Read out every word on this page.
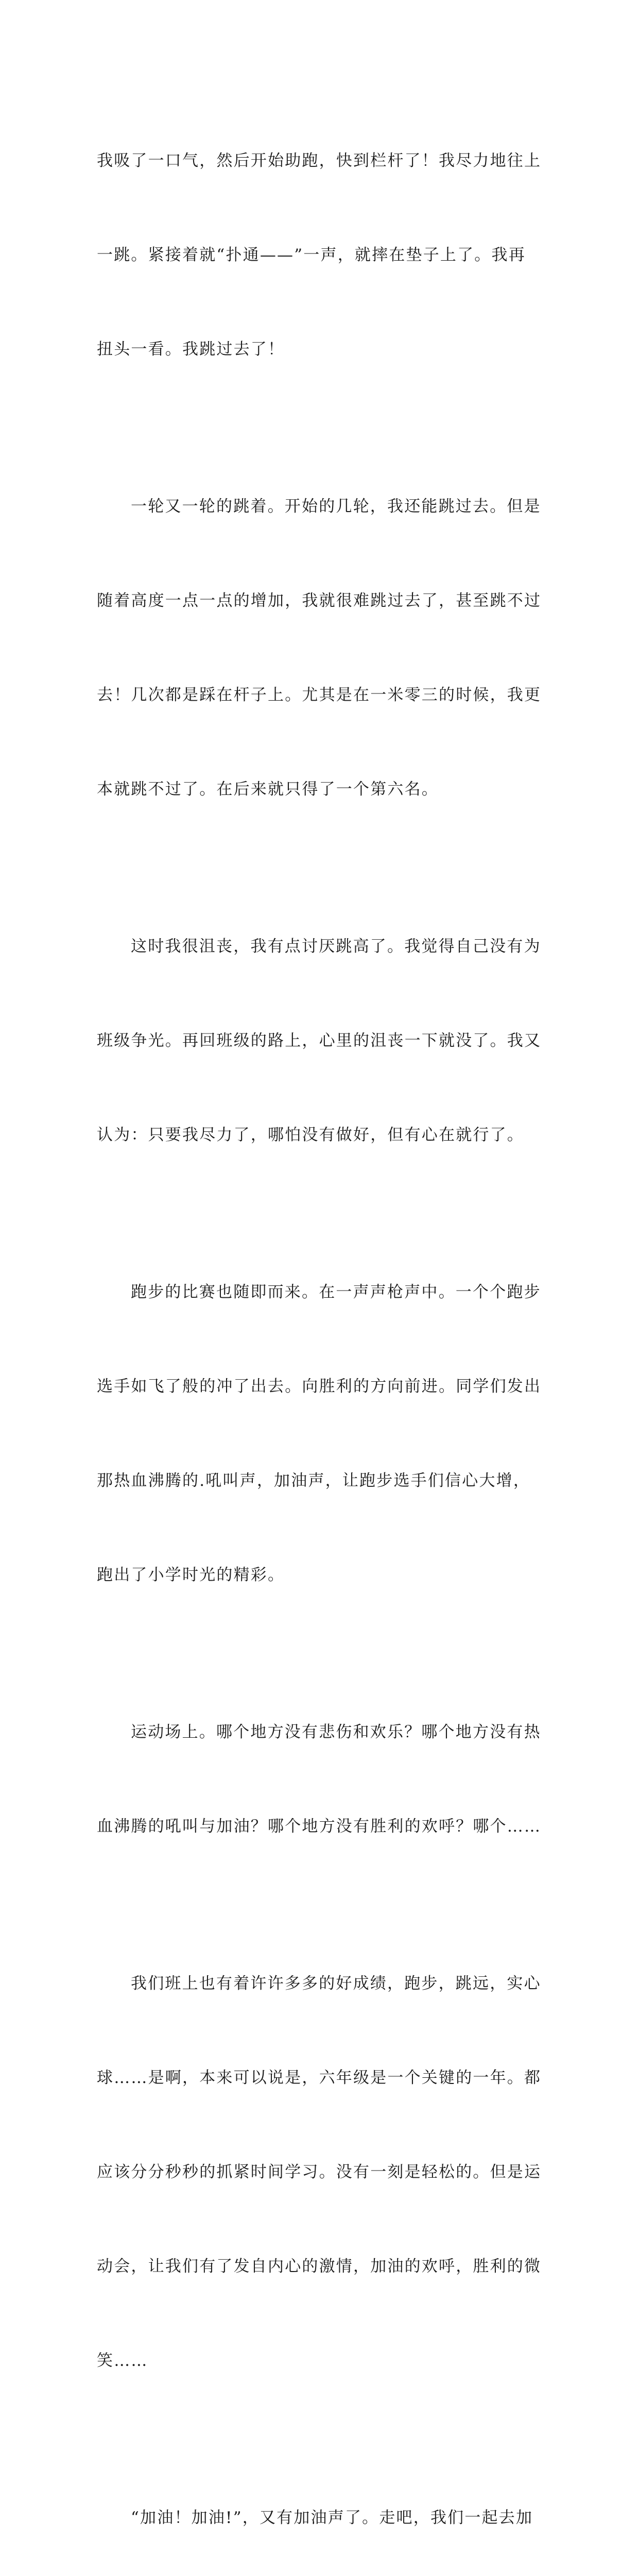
我吸了一口气，然后开始助跑，快到栏杆了！我尽力地往上

一跳。紧接着就“扑通——”一声，就摔在垫子上了。我再

扭头一看。我跳过去了！

一轮又一轮的跳着。开始的几轮，我还能跳过去。但是

随着高度一点一点的增加，我就很难跳过去了，甚至跳不过

去！几次都是踩在杆子上。尤其是在一米零三的时候，我更

本就跳不过了。在后来就只得了一个第六名。

这时我很沮丧，我有点讨厌跳高了。我觉得自己没有为

班级争光。再回班级的路上，心里的沮丧一下就没了。我又

认为：只要我尽力了，哪怕没有做好，但有心在就行了。

跑步的比赛也随即而来。在一声声枪声中。一个个跑步

选手如飞了般的冲了出去。向胜利的方向前进。同学们发出

那热血沸腾的.吼叫声，加油声，让跑步选手们信心大增，

跑出了小学时光的精彩。

运动场上。哪个地方没有悲伤和欢乐？哪个地方没有热

血沸腾的吼叫与加油？哪个地方没有胜利的欢呼？哪个……

我们班上也有着许许多多的好成绩，跑步，跳远，实心

球……是啊，本来可以说是，六年级是一个关键的一年。都

应该分分秒秒的抓紧时间学习。没有一刻是轻松的。但是运

动会，让我们有了发自内心的激情，加油的欢呼，胜利的微

笑……

“加油！加油!”，又有加油声了。走吧，我们一起去加
